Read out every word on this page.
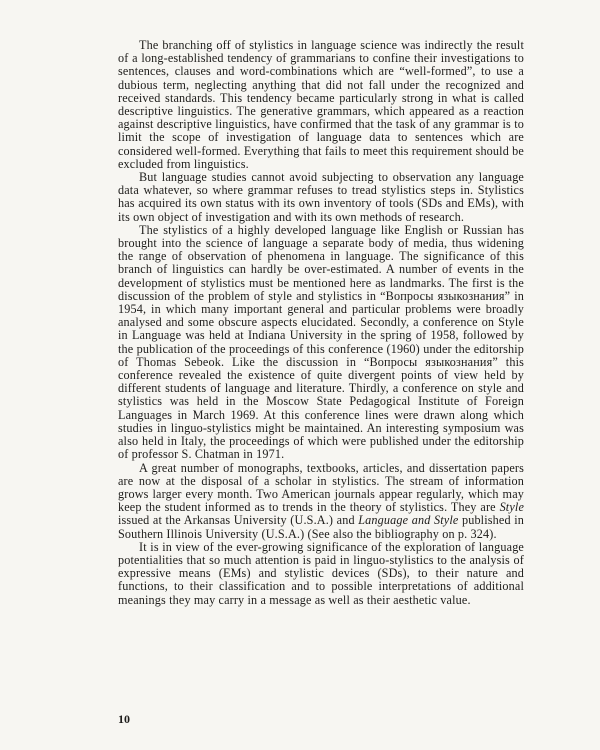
The branching off of stylistics in language science was indirectly the result of a long-established tendency of grammarians to confine their investigations to sentences, clauses and word-combinations which are “well-formed”, to use a dubious term, neglecting anything that did not fall under the recognized and received standards. This tendency became particularly strong in what is called descriptive linguistics. The generative grammars, which appeared as a reaction against descriptive linguistics, have confirmed that the task of any grammar is to limit the scope of investigation of language data to sentences which are considered well-formed. Everything that fails to meet this requirement should be excluded from linguistics.

But language studies cannot avoid subjecting to observation any language data whatever, so where grammar refuses to tread stylistics steps in. Stylistics has acquired its own status with its own inventory of tools (SDs and EMs), with its own object of investigation and with its own methods of research.

The stylistics of a highly developed language like English or Russian has brought into the science of language a separate body of media, thus widening the range of observation of phenomena in language. The significance of this branch of linguistics can hardly be over-estimated. A number of events in the development of stylistics must be mentioned here as landmarks. The first is the discussion of the problem of style and stylistics in “Вопросы языкознания” in 1954, in which many important general and particular problems were broadly analysed and some obscure aspects elucidated. Secondly, a conference on Style in Language was held at Indiana University in the spring of 1958, followed by the publication of the proceedings of this conference (1960) under the editorship of Thomas Sebeok. Like the discussion in “Вопросы языкознания” this conference revealed the existence of quite divergent points of view held by different students of language and literature. Thirdly, a conference on style and stylistics was held in the Moscow State Pedagogical Institute of Foreign Languages in March 1969. At this conference lines were drawn along which studies in linguo-stylistics might be maintained. An interesting symposium was also held in Italy, the proceedings of which were published under the editorship of professor S. Chatman in 1971.

A great number of monographs, textbooks, articles, and dissertation papers are now at the disposal of a scholar in stylistics. The stream of information grows larger every month. Two American journals appear regularly, which may keep the student informed as to trends in the theory of stylistics. They are Style issued at the Arkansas University (U.S.A.) and Language and Style published in Southern Illinois University (U.S.A.) (See also the bibliography on p. 324).

It is in view of the ever-growing significance of the exploration of language potentialities that so much attention is paid in linguo-stylistics to the analysis of expressive means (EMs) and stylistic devices (SDs), to their nature and functions, to their classification and to possible interpretations of additional meanings they may carry in a message as well as their aesthetic value.

10
